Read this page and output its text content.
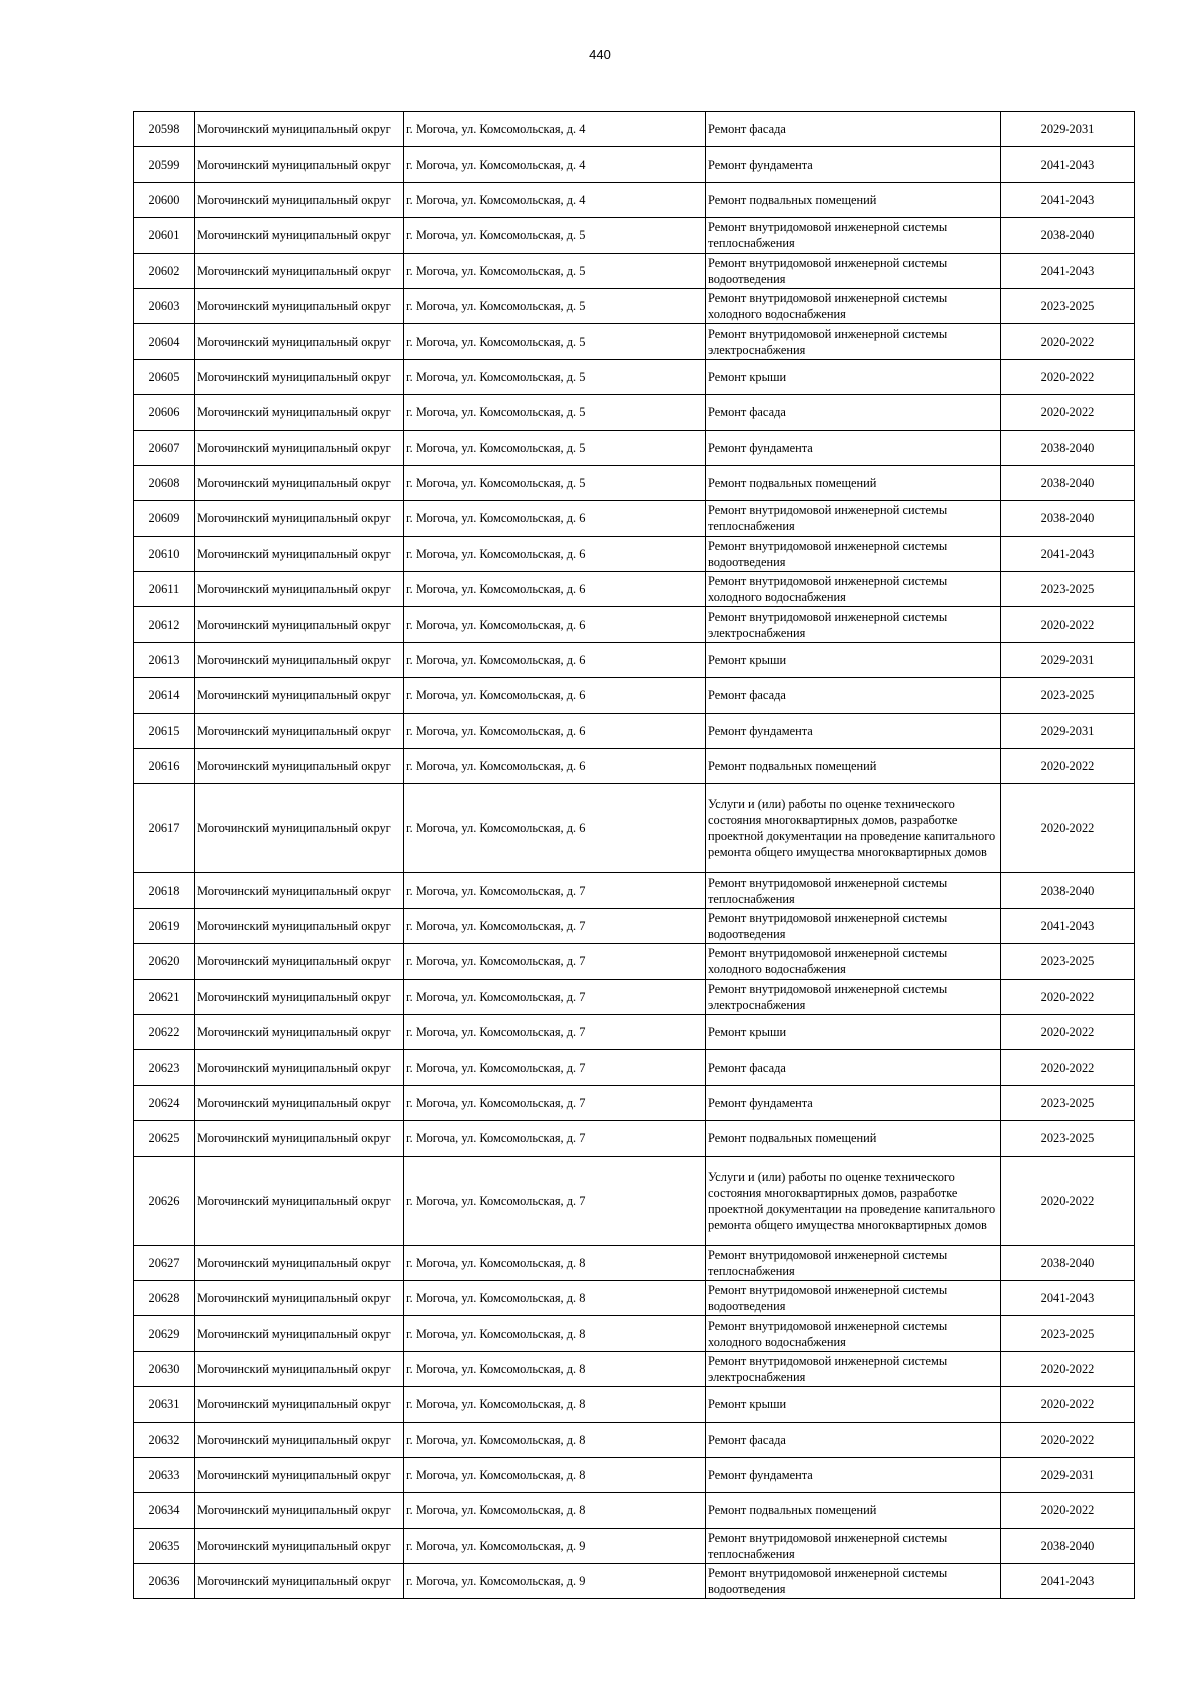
440
20598	Могочинский муниципальный округ	г. Могоча, ул. Комсомольская, д. 4	Ремонт фасада	2029-2031
20599	Могочинский муниципальный округ	г. Могоча, ул. Комсомольская, д. 4	Ремонт фундамента	2041-2043
20600	Могочинский муниципальный округ	г. Могоча, ул. Комсомольская, д. 4	Ремонт подвальных помещений	2041-2043
20601	Могочинский муниципальный округ	г. Могоча, ул. Комсомольская, д. 5	Ремонт внутридомовой инженерной системы теплоснабжения	2038-2040
20602	Могочинский муниципальный округ	г. Могоча, ул. Комсомольская, д. 5	Ремонт внутридомовой инженерной системы водоотведения	2041-2043
20603	Могочинский муниципальный округ	г. Могоча, ул. Комсомольская, д. 5	Ремонт внутридомовой инженерной системы холодного водоснабжения	2023-2025
20604	Могочинский муниципальный округ	г. Могоча, ул. Комсомольская, д. 5	Ремонт внутридомовой инженерной системы электроснабжения	2020-2022
20605	Могочинский муниципальный округ	г. Могоча, ул. Комсомольская, д. 5	Ремонт крыши	2020-2022
20606	Могочинский муниципальный округ	г. Могоча, ул. Комсомольская, д. 5	Ремонт фасада	2020-2022
20607	Могочинский муниципальный округ	г. Могоча, ул. Комсомольская, д. 5	Ремонт фундамента	2038-2040
20608	Могочинский муниципальный округ	г. Могоча, ул. Комсомольская, д. 5	Ремонт подвальных помещений	2038-2040
20609	Могочинский муниципальный округ	г. Могоча, ул. Комсомольская, д. 6	Ремонт внутридомовой инженерной системы теплоснабжения	2038-2040
20610	Могочинский муниципальный округ	г. Могоча, ул. Комсомольская, д. 6	Ремонт внутридомовой инженерной системы водоотведения	2041-2043
20611	Могочинский муниципальный округ	г. Могоча, ул. Комсомольская, д. 6	Ремонт внутридомовой инженерной системы холодного водоснабжения	2023-2025
20612	Могочинский муниципальный округ	г. Могоча, ул. Комсомольская, д. 6	Ремонт внутридомовой инженерной системы электроснабжения	2020-2022
20613	Могочинский муниципальный округ	г. Могоча, ул. Комсомольская, д. 6	Ремонт крыши	2029-2031
20614	Могочинский муниципальный округ	г. Могоча, ул. Комсомольская, д. 6	Ремонт фасада	2023-2025
20615	Могочинский муниципальный округ	г. Могоча, ул. Комсомольская, д. 6	Ремонт фундамента	2029-2031
20616	Могочинский муниципальный округ	г. Могоча, ул. Комсомольская, д. 6	Ремонт подвальных помещений	2020-2022
20617	Могочинский муниципальный округ	г. Могоча, ул. Комсомольская, д. 6	Услуги и (или) работы по оценке технического состояния многоквартирных домов, разработке проектной документации на проведение капитального ремонта общего имущества многоквартирных домов	2020-2022
20618	Могочинский муниципальный округ	г. Могоча, ул. Комсомольская, д. 7	Ремонт внутридомовой инженерной системы теплоснабжения	2038-2040
20619	Могочинский муниципальный округ	г. Могоча, ул. Комсомольская, д. 7	Ремонт внутридомовой инженерной системы водоотведения	2041-2043
20620	Могочинский муниципальный округ	г. Могоча, ул. Комсомольская, д. 7	Ремонт внутридомовой инженерной системы холодного водоснабжения	2023-2025
20621	Могочинский муниципальный округ	г. Могоча, ул. Комсомольская, д. 7	Ремонт внутридомовой инженерной системы электроснабжения	2020-2022
20622	Могочинский муниципальный округ	г. Могоча, ул. Комсомольская, д. 7	Ремонт крыши	2020-2022
20623	Могочинский муниципальный округ	г. Могоча, ул. Комсомольская, д. 7	Ремонт фасада	2020-2022
20624	Могочинский муниципальный округ	г. Могоча, ул. Комсомольская, д. 7	Ремонт фундамента	2023-2025
20625	Могочинский муниципальный округ	г. Могоча, ул. Комсомольская, д. 7	Ремонт подвальных помещений	2023-2025
20626	Могочинский муниципальный округ	г. Могоча, ул. Комсомольская, д. 7	Услуги и (или) работы по оценке технического состояния многоквартирных домов, разработке проектной документации на проведение капитального ремонта общего имущества многоквартирных домов	2020-2022
20627	Могочинский муниципальный округ	г. Могоча, ул. Комсомольская, д. 8	Ремонт внутридомовой инженерной системы теплоснабжения	2038-2040
20628	Могочинский муниципальный округ	г. Могоча, ул. Комсомольская, д. 8	Ремонт внутридомовой инженерной системы водоотведения	2041-2043
20629	Могочинский муниципальный округ	г. Могоча, ул. Комсомольская, д. 8	Ремонт внутридомовой инженерной системы холодного водоснабжения	2023-2025
20630	Могочинский муниципальный округ	г. Могоча, ул. Комсомольская, д. 8	Ремонт внутридомовой инженерной системы электроснабжения	2020-2022
20631	Могочинский муниципальный округ	г. Могоча, ул. Комсомольская, д. 8	Ремонт крыши	2020-2022
20632	Могочинский муниципальный округ	г. Могоча, ул. Комсомольская, д. 8	Ремонт фасада	2020-2022
20633	Могочинский муниципальный округ	г. Могоча, ул. Комсомольская, д. 8	Ремонт фундамента	2029-2031
20634	Могочинский муниципальный округ	г. Могоча, ул. Комсомольская, д. 8	Ремонт подвальных помещений	2020-2022
20635	Могочинский муниципальный округ	г. Могоча, ул. Комсомольская, д. 9	Ремонт внутридомовой инженерной системы теплоснабжения	2038-2040
20636	Могочинский муниципальный округ	г. Могоча, ул. Комсомольская, д. 9	Ремонт внутридомовой инженерной системы водоотведения	2041-2043
